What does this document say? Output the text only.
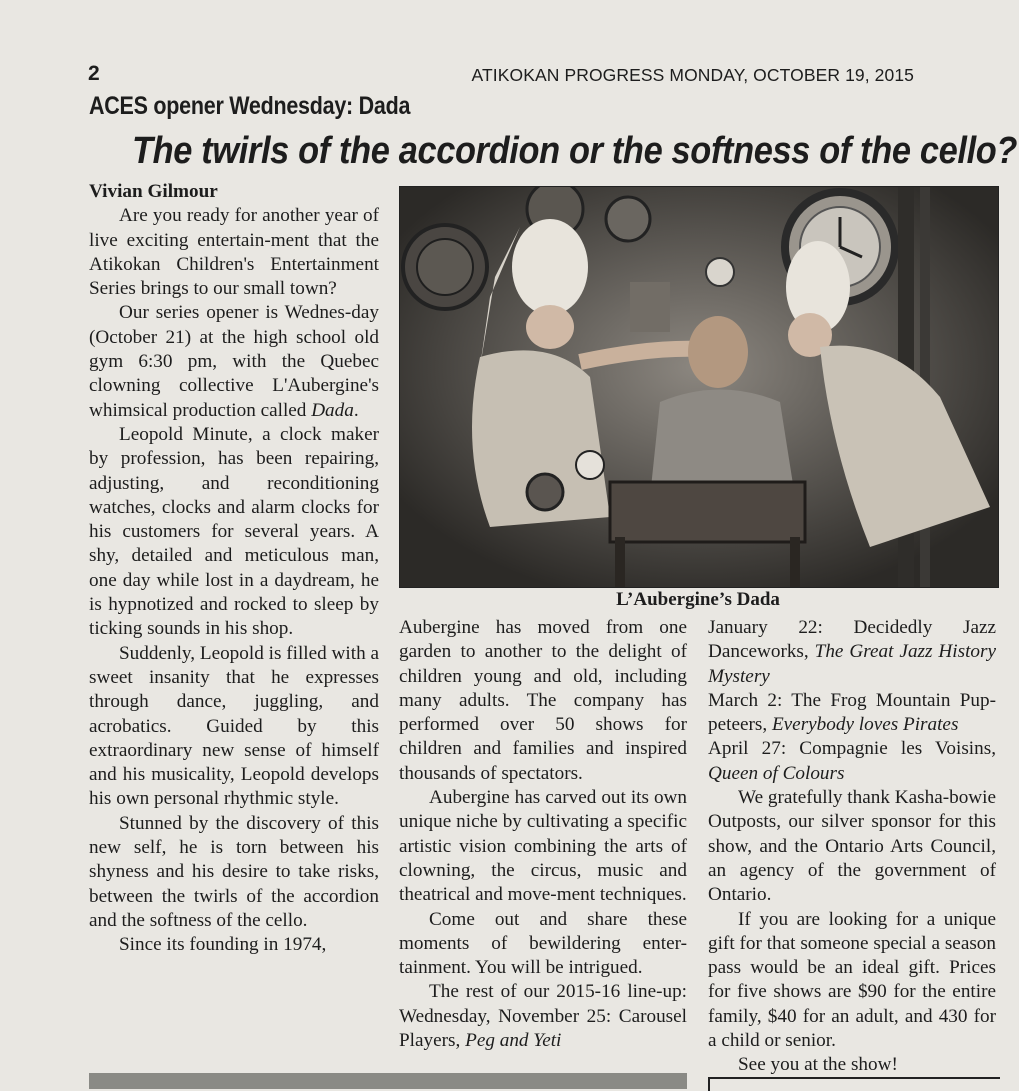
2	ATIKOKAN PROGRESS MONDAY, OCTOBER 19, 2015
ACES opener Wednesday: Dada
The twirls of the accordion or the softness of the cello?

Vivian Gilmour

Are you ready for another year of live exciting entertain-ment that the Atikokan Children's Entertainment Series brings to our small town?

Our series opener is Wednes-day (October 21) at the high school old gym 6:30 pm, with the Quebec clowning collective L'Aubergine's whimsical production called Dada.

Leopold Minute, a clock maker by profession, has been repairing, adjusting, and reconditioning watches, clocks and alarm clocks for his customers for several years. A shy, detailed and meticulous man, one day while lost in a daydream, he is hypnotized and rocked to sleep by ticking sounds in his shop.

Suddenly, Leopold is filled with a sweet insanity that he expresses through dance, juggling, and acrobatics. Guided by this extraordinary new sense of himself and his musicality, Leopold develops his own personal rhythmic style.

Stunned by the discovery of this new self, he is torn between his shyness and his desire to take risks, between the twirls of the accordion and the softness of the cello.

Since its founding in 1974,

L’Aubergine’s Dada

Aubergine has moved from one garden to another to the delight of children young and old, including many adults. The company has performed over 50 shows for children and families and inspired thousands of spectators.

Aubergine has carved out its own unique niche by cultivating a specific artistic vision combining the arts of clowning, the circus, music and theatrical and move-ment techniques.

Come out and share these moments of bewildering enter-tainment. You will be intrigued.

The rest of our 2015-16 line-up: Wednesday, November 25: Carousel Players, Peg and Yeti

January 22: Decidedly Jazz Danceworks, The Great Jazz History Mystery

March 2: The Frog Mountain Pup-peteers, Everybody loves Pirates

April 27: Compagnie les Voisins, Queen of Colours

We gratefully thank Kasha-bowie Outposts, our silver sponsor for this show, and the Ontario Arts Council, an agency of the government of Ontario.

If you are looking for a unique gift for that someone special a season pass would be an ideal gift. Prices for five shows are $90 for the entire family, $40 for an adult, and 430 for a child or senior.

See you at the show!
